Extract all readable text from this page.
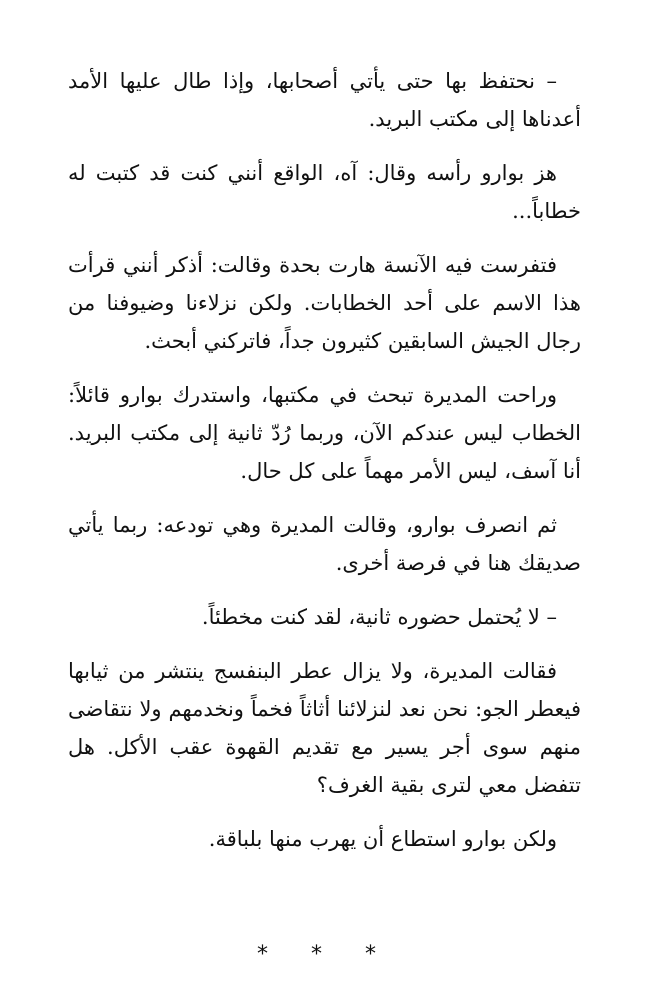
– نحتفظ بها حتى يأتي أصحابها، وإذا طال عليها الأمد أعدناها إلى مكتب البريد.

هز بوارو رأسه وقال: آه، الواقع أنني كنت قد كتبت له خطاباً...

فتفرست فيه الآنسة هارت بحدة وقالت: أذكر أنني قرأت هذا الاسم على أحد الخطابات. ولكن نزلاءنا وضيوفنا من رجال الجيش السابقين كثيرون جداً، فاتركني أبحث.

وراحت المديرة تبحث في مكتبها، واستدرك بوارو قائلاً: الخطاب ليس عندكم الآن، وربما رُدّ ثانية إلى مكتب البريد. أنا آسف، ليس الأمر مهماً على كل حال.

ثم انصرف بوارو، وقالت المديرة وهي تودعه: ربما يأتي صديقك هنا في فرصة أخرى.

– لا يُحتمل حضوره ثانية، لقد كنت مخطئاً.

فقالت المديرة، ولا يزال عطر البنفسج ينتشر من ثيابها فيعطر الجو: نحن نعد لنزلائنا أثاثاً فخماً ونخدمهم ولا نتقاضى منهم سوى أجر يسير مع تقديم القهوة عقب الأكل. هل تتفضل معي لترى بقية الغرف؟

ولكن بوارو استطاع أن يهرب منها بلباقة.

* * *
